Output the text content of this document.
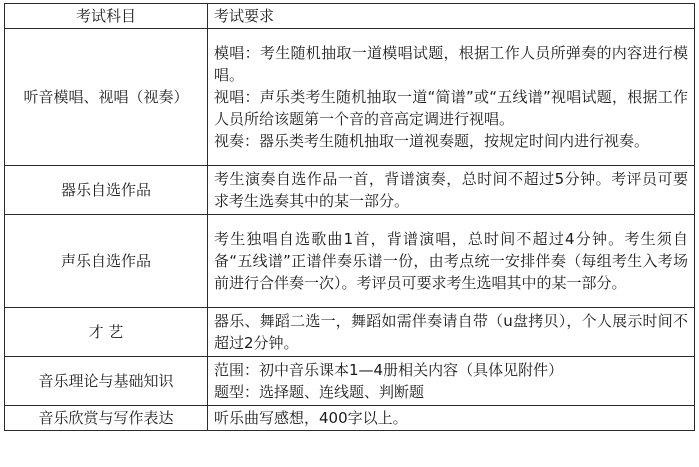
考试科目	考试要求
听音模唱、视唱（视奏）	模唱：考生随机抽取一道模唱试题，根据工作人员所弹奏的内容进行模唱。
视唱：声乐类考生随机抽取一道“简谱”或“五线谱”视唱试题，根据工作人员所给该题第一个音的音高定调进行视唱。
视奏：器乐类考生随机抽取一道视奏题，按规定时间内进行视奏。

器乐自选作品	考生演奏自选作品一首，背谱演奏，总时间不超过5分钟。考评员可要求考生选奏其中的某一部分。

声乐自选作品	考生独唱自选歌曲1首，背谱演唱，总时间不超过4分钟。考生须自备“五线谱”正谱伴奏乐谱一份，由考点统一安排伴奏（每组考生入考场前进行合伴奏一次）。考评员可要求考生选唱其中的某一部分。

才 艺	器乐、舞蹈二选一，舞蹈如需伴奏请自带（u盘拷贝），个人展示时间不超过2分钟。

音乐理论与基础知识	范围：初中音乐课本1—4册相关内容（具体见附件）
题型：选择题、连线题、判断题

音乐欣赏与写作表达	听乐曲写感想，400字以上。
